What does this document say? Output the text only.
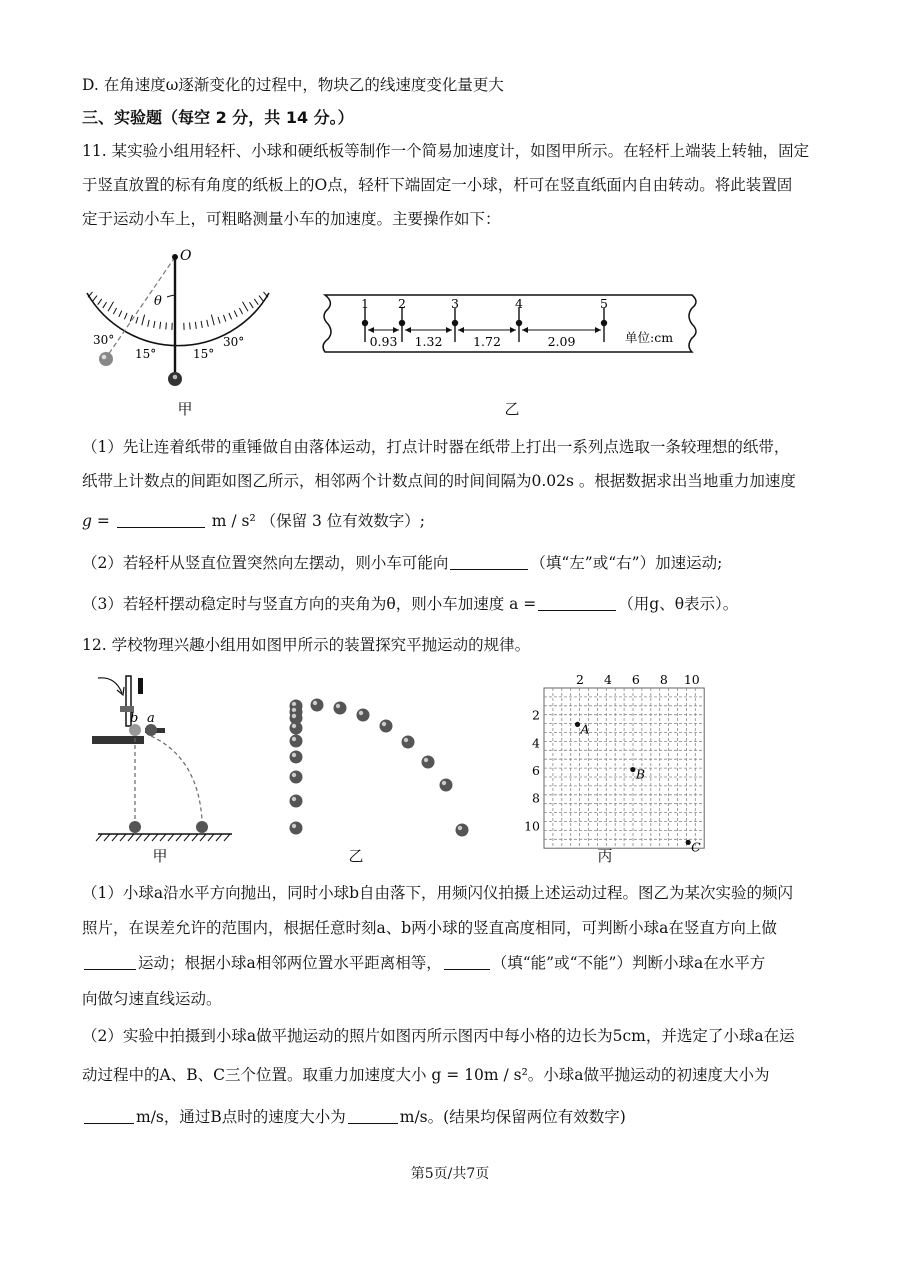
D. 在角速度ω逐渐变化的过程中，物块乙的线速度变化量更大
三、实验题（每空 2 分，共 14 分。）
11. 某实验小组用轻杆、小球和硬纸板等制作一个简易加速度计，如图甲所示。在轻杆上端装上转轴，固定
于竖直放置的标有角度的纸板上的O点，轻杆下端固定一小球，杆可在竖直纸面内自由转动。将此装置固
定于运动小车上，可粗略测量小车的加速度。主要操作如下：
O
θ
30°
15°	15°
30°
甲
1
0.93
2
1.32
3
1.72
4
2.09
5
单位:cm
乙
（1）先让连着纸带的重锤做自由落体运动，打点计时器在纸带上打出一系列点选取一条较理想的纸带，
纸带上计数点的间距如图乙所示，相邻两个计数点间的时间间隔为0.02s 。根据数据求出当地重力加速度
g =	m / s² （保留 3 位有效数字）;
（2）若轻杆从竖直位置突然向左摆动，则小车可能向	（填“左”或“右”）加速运动;
（3）若轻杆摆动稳定时与竖直方向的夹角为θ，则小车加速度 a =	（用g、θ表示）。
12. 学校物理兴趣小组用如图甲所示的装置探究平抛运动的规律。
b a
甲	乙
2 4 6 8 10
2
4
6
8
10
A
B
C
丙
（1）小球a沿水平方向抛出，同时小球b自由落下，用频闪仪拍摄上述运动过程。图乙为某次实验的频闪
照片，在误差允许的范围内，根据任意时刻a、b两小球的竖直高度相同，可判断小球a在竖直方向上做
运动；根据小球a相邻两位置水平距离相等，	（填“能”或“不能”）判断小球a在水平方
向做匀速直线运动。
（2）实验中拍摄到小球a做平抛运动的照片如图丙所示图丙中每小格的边长为5cm，并选定了小球a在运
动过程中的A、B、C三个位置。取重力加速度大小 g = 10m / s²。小球a做平抛运动的初速度大小为
m/s，通过B点时的速度大小为	m/s。(结果均保留两位有效数字)
第5页/共7页
